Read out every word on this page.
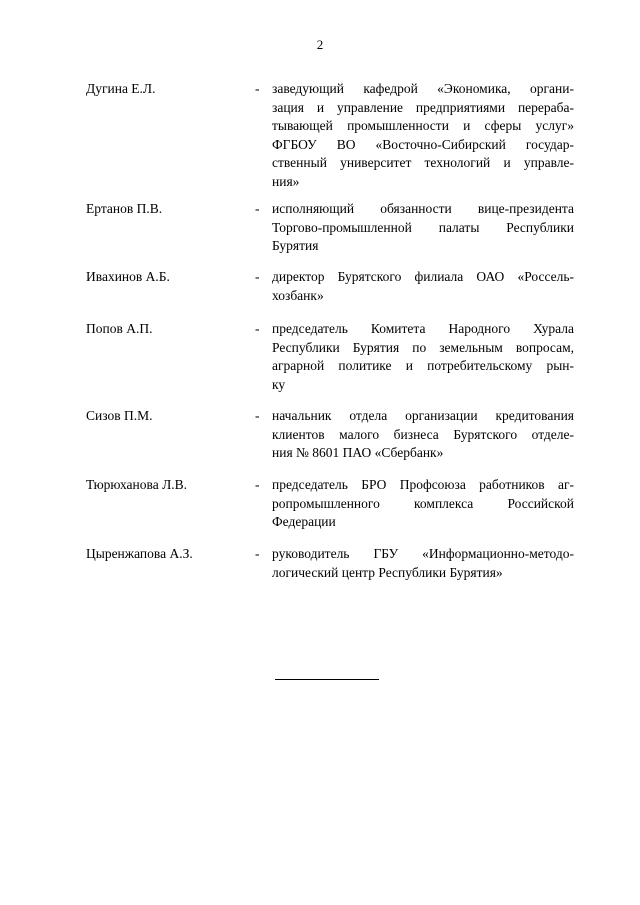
2
Дугина Е.Л.	- заведующий кафедрой «Экономика, органи-
зация и управление предприятиями перераба-
тывающей промышленности и сферы услуг»
ФГБОУ ВО «Восточно-Сибирский государ-
ственный университет технологий и управле-
ния»
Ертанов П.В.	- исполняющий обязанности вице-президента
Торгово-промышленной палаты Республики
Бурятия
Ивахинов А.Б.	- директор Бурятского филиала ОАО «Россель-
хозбанк»
Попов А.П.	- председатель Комитета Народного Хурала
Республики Бурятия по земельным вопросам,
аграрной политике и потребительскому рын-
ку
Сизов П.М.	- начальник отдела организации кредитования
клиентов малого бизнеса Бурятского отделе-
ния № 8601 ПАО «Сбербанк»
Тюрюханова Л.В.	- председатель БРО Профсоюза работников аг-
ропромышленного комплекса Российской
Федерации
Цыренжапова А.З.	- руководитель ГБУ «Информационно-методо-
логический центр Республики Бурятия»
